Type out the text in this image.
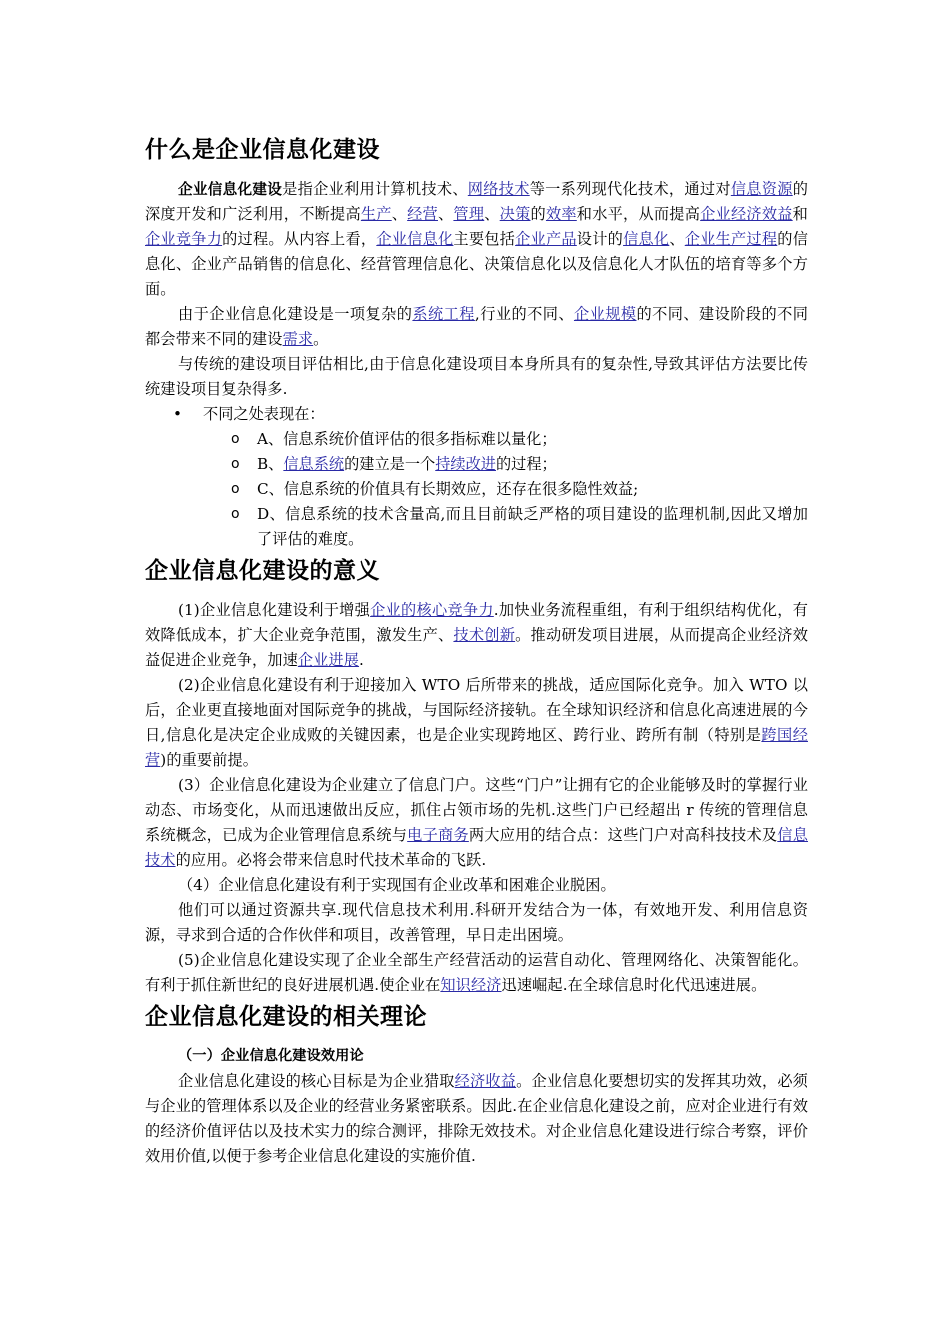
什么是企业信息化建设

企业信息化建设是指企业利用计算机技术、网络技术等一系列现代化技术，通过对信息资源的深度开发和广泛利用，不断提高生产、经营、管理、决策的效率和水平，从而提高企业经济效益和企业竞争力的过程。从内容上看，企业信息化主要包括企业产品设计的信息化、企业生产过程的信息化、企业产品销售的信息化、经营管理信息化、决策信息化以及信息化人才队伍的培育等多个方面。

由于企业信息化建设是一项复杂的系统工程,行业的不同、企业规模的不同、建设阶段的不同都会带来不同的建设需求。

与传统的建设项目评估相比,由于信息化建设项目本身所具有的复杂性,导致其评估方法要比传统建设项目复杂得多.

• 不同之处表现在：
o A、信息系统价值评估的很多指标难以量化；
o B、信息系统的建立是一个持续改进的过程；
o C、信息系统的价值具有长期效应，还存在很多隐性效益;
o D、信息系统的技术含量高,而且目前缺乏严格的项目建设的监理机制,因此又增加了评估的难度。
企业信息化建设的意义

(1)企业信息化建设利于增强企业的核心竞争力.加快业务流程重组，有利于组织结构优化，有效降低成本，扩大企业竞争范围，激发生产、技术创新。推动研发项目进展，从而提高企业经济效益促进企业竞争，加速企业进展.

(2)企业信息化建设有利于迎接加入 WTO 后所带来的挑战，适应国际化竞争。加入 WTO 以后，企业更直接地面对国际竞争的挑战，与国际经济接轨。在全球知识经济和信息化高速进展的今日,信息化是决定企业成败的关键因素，也是企业实现跨地区、跨行业、跨所有制（特别是跨国经营)的重要前提。

(3）企业信息化建设为企业建立了信息门户。这些“门户”让拥有它的企业能够及时的掌握行业动态、市场变化，从而迅速做出反应，抓住占领市场的先机.这些门户已经超出 r 传统的管理信息系统概念，已成为企业管理信息系统与电子商务两大应用的结合点：这些门户对高科技技术及信息技术的应用。必将会带来信息时代技术革命的飞跃.

（4）企业信息化建设有利于实现国有企业改革和困难企业脱困。

他们可以通过资源共享.现代信息技术利用.科研开发结合为一体，有效地开发、利用信息资源，寻求到合适的合作伙伴和项目，改善管理，早日走出困境。

(5)企业信息化建设实现了企业全部生产经营活动的运营自动化、管理网络化、决策智能化。有利于抓住新世纪的良好进展机遇.使企业在知识经济迅速崛起.在全球信息时化代迅速进展。

企业信息化建设的相关理论

（一）企业信息化建设效用论

企业信息化建设的核心目标是为企业猎取经济收益。企业信息化要想切实的发挥其功效，必须与企业的管理体系以及企业的经营业务紧密联系。因此.在企业信息化建设之前，应对企业进行有效的经济价值评估以及技术实力的综合测评，排除无效技术。对企业信息化建设进行综合考察，评价效用价值,以便于参考企业信息化建设的实施价值.
